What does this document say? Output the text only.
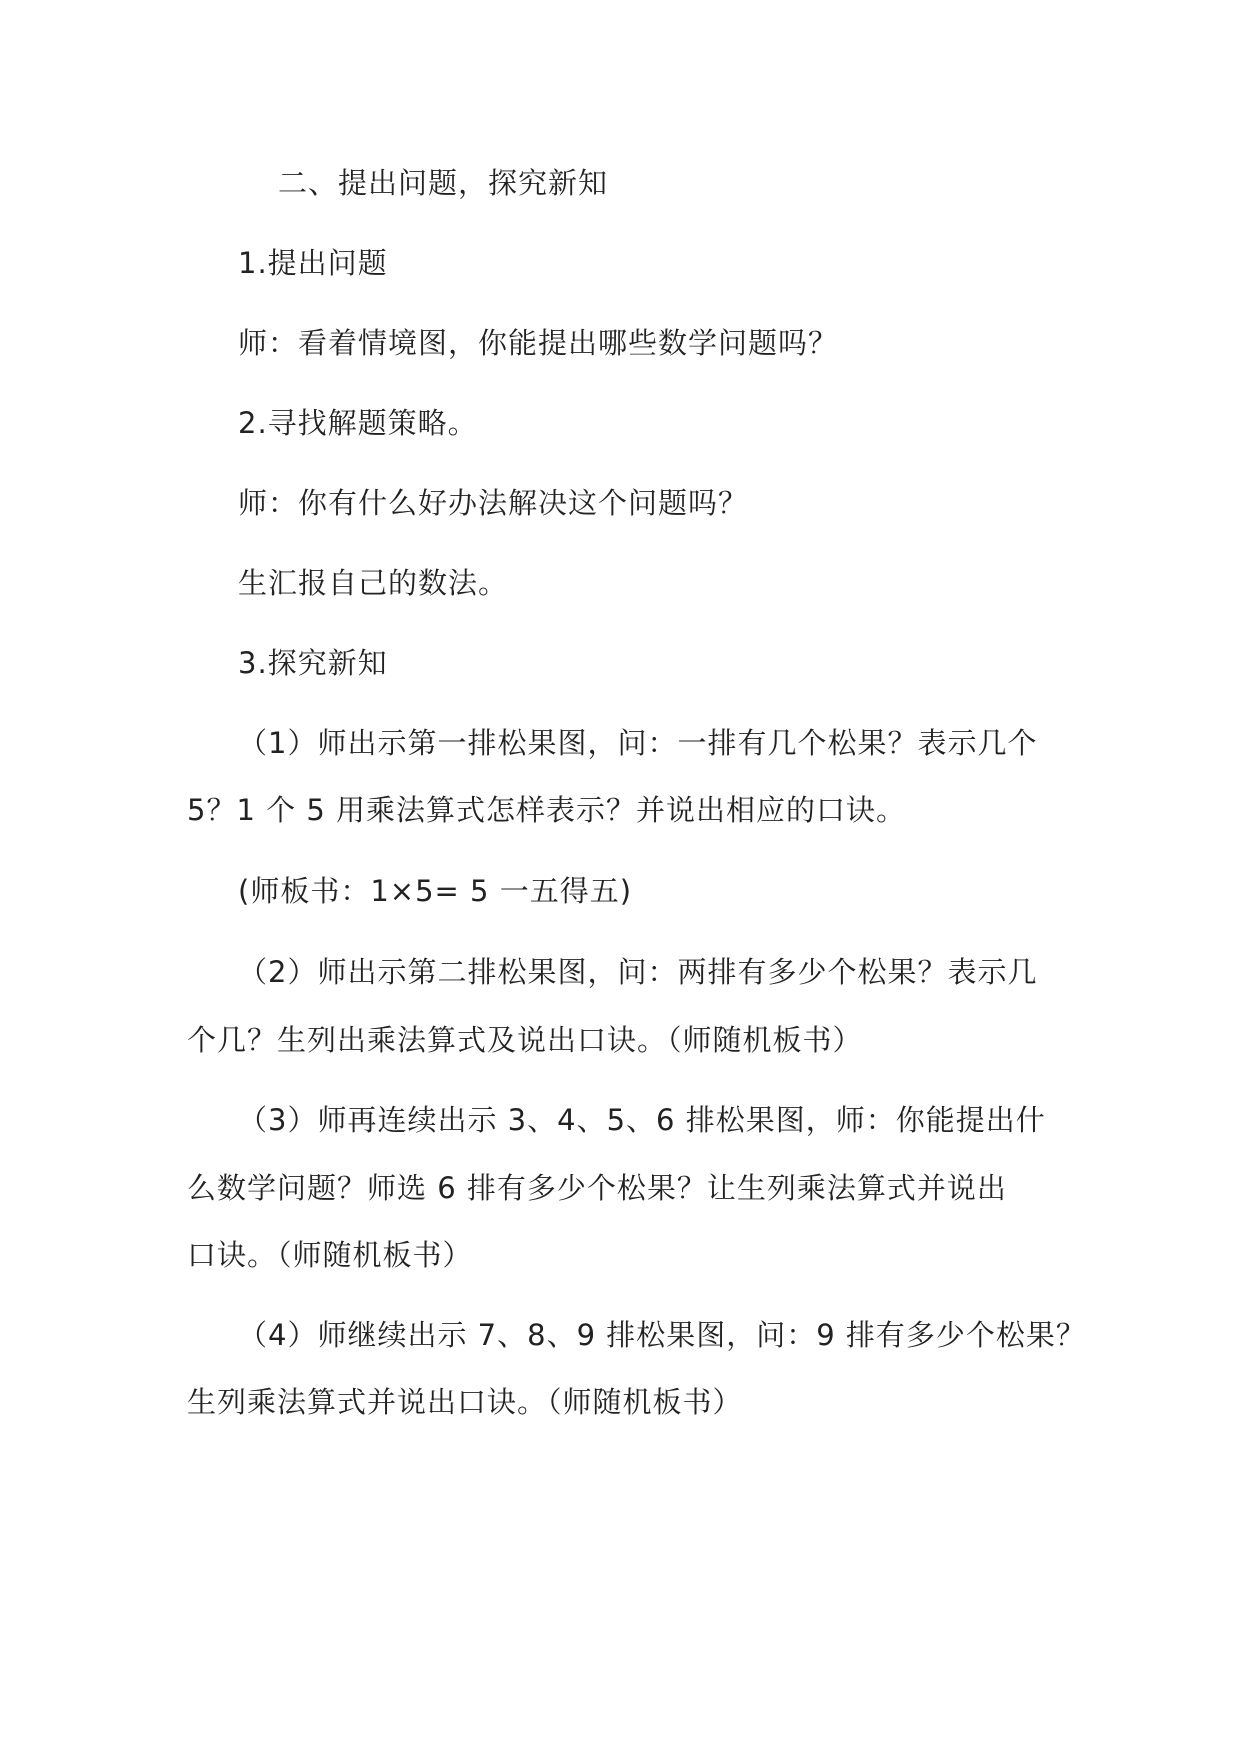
二、提出问题，探究新知
1.提出问题
师：看着情境图，你能提出哪些数学问题吗？
2.寻找解题策略。
师：你有什么好办法解决这个问题吗？
生汇报自己的数法。
3.探究新知
（1）师出示第一排松果图，问：一排有几个松果？表示几个
5？1 个 5 用乘法算式怎样表示？并说出相应的口诀。
(师板书：1×5= 5 一五得五)
（2）师出示第二排松果图，问：两排有多少个松果？表示几
个几？生列出乘法算式及说出口诀。（师随机板书）
（3）师再连续出示 3、4、5、6 排松果图，师：你能提出什
么数学问题？师选 6 排有多少个松果？让生列乘法算式并说出
口诀。（师随机板书）
（4）师继续出示 7、8、9 排松果图，问：9 排有多少个松果？
生列乘法算式并说出口诀。（师随机板书）
